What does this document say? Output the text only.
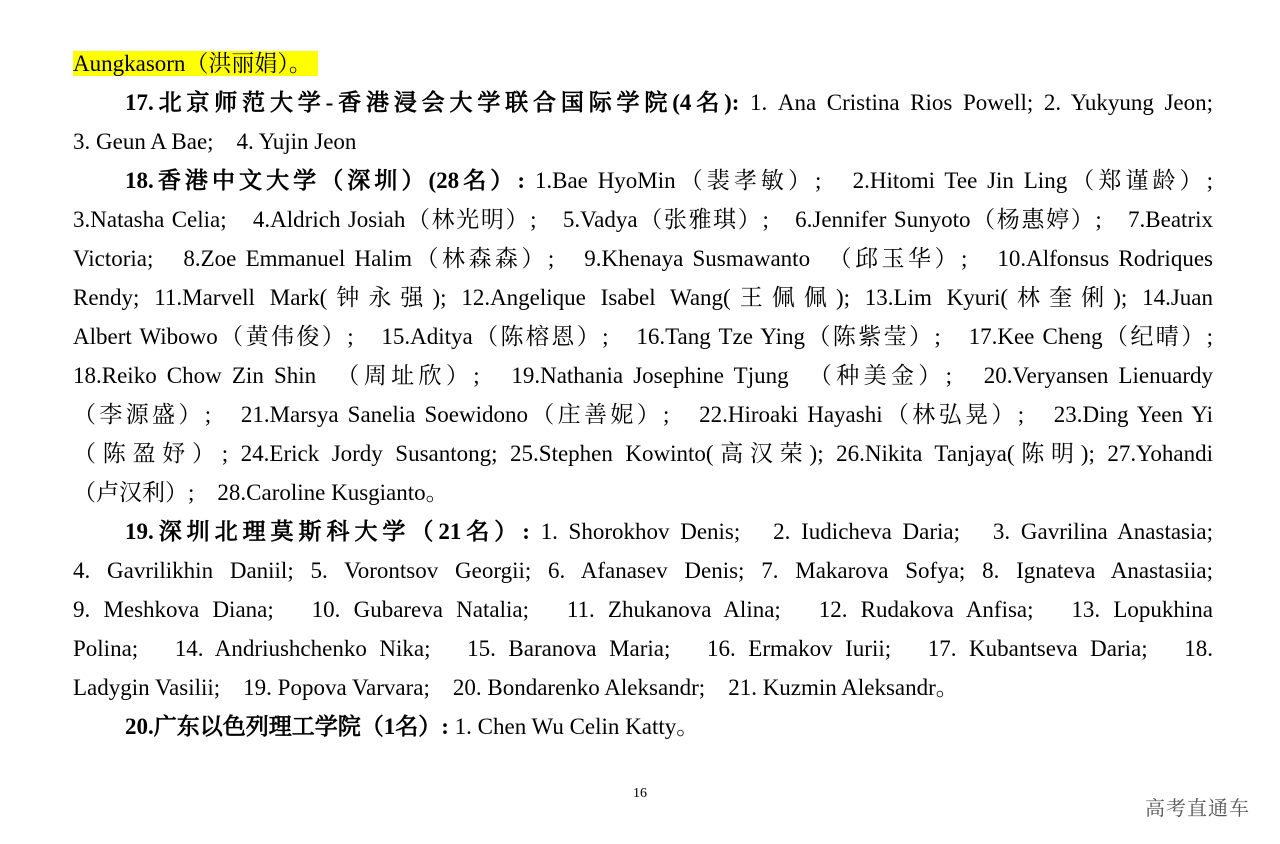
Aungkasorn（洪丽娟）。
17.北京师范大学-香港浸会大学联合国际学院(4名): 1. Ana Cristina Rios Powell; 2. Yukyung Jeon;
3. Geun A Bae;　4. Yujin Jeon
18.香港中文大学（深圳）(28名）: 1.Bae HyoMin（裴孝敏）;　2.Hitomi Tee Jin Ling（郑谨龄）;
3.Natasha Celia;　4.Aldrich Josiah（林光明）;　5.Vadya（张雅琪）;　6.Jennifer Sunyoto（杨惠婷）;　7.Beatrix
Victoria;　8.Zoe Emmanuel Halim（林森森）;　9.Khenaya Susmawanto　（邱玉华）;　10.Alfonsus Rodriques
Rendy; 11.Marvell Mark(钟永强); 12.Angelique Isabel Wang(王佩佩); 13.Lim Kyuri(林奎俐); 14.Juan
Albert Wibowo（黄伟俊）;　15.Aditya（陈榕恩）;　16.Tang Tze Ying（陈紫莹）;　17.Kee Cheng（纪晴）;
18.Reiko Chow Zin Shin　（周址欣）;　19.Nathania Josephine Tjung　（种美金）;　20.Veryansen Lienuardy
（李源盛）;　21.Marsya Sanelia Soewidono（庄善妮）;　22.Hiroaki Hayashi（林弘晃）;　23.Ding Yeen Yi
（陈盈妤）; 24.Erick Jordy Susantong; 25.Stephen Kowinto(高汉荣); 26.Nikita Tanjaya(陈明); 27.Yohandi
（卢汉利）;　28.Caroline Kusgianto。
19.深圳北理莫斯科大学（21名）: 1. Shorokhov Denis;　2. Iudicheva Daria;　3. Gavrilina Anastasia;
4. Gavrilikhin Daniil; 5. Vorontsov Georgii; 6. Afanasev Denis; 7. Makarova Sofya; 8. Ignateva Anastasiia;
9. Meshkova Diana;　10. Gubareva Natalia;　11. Zhukanova Alina;　12. Rudakova Anfisa;　13. Lopukhina
Polina;　14. Andriushchenko Nika;　15. Baranova Maria;　16. Ermakov Iurii;　17. Kubantseva Daria;　18.
Ladygin Vasilii;　19. Popova Varvara;　20. Bondarenko Aleksandr;　21. Kuzmin Aleksandr。
20.广东以色列理工学院（1名）: 1. Chen Wu Celin Katty。
16
高考直通车
